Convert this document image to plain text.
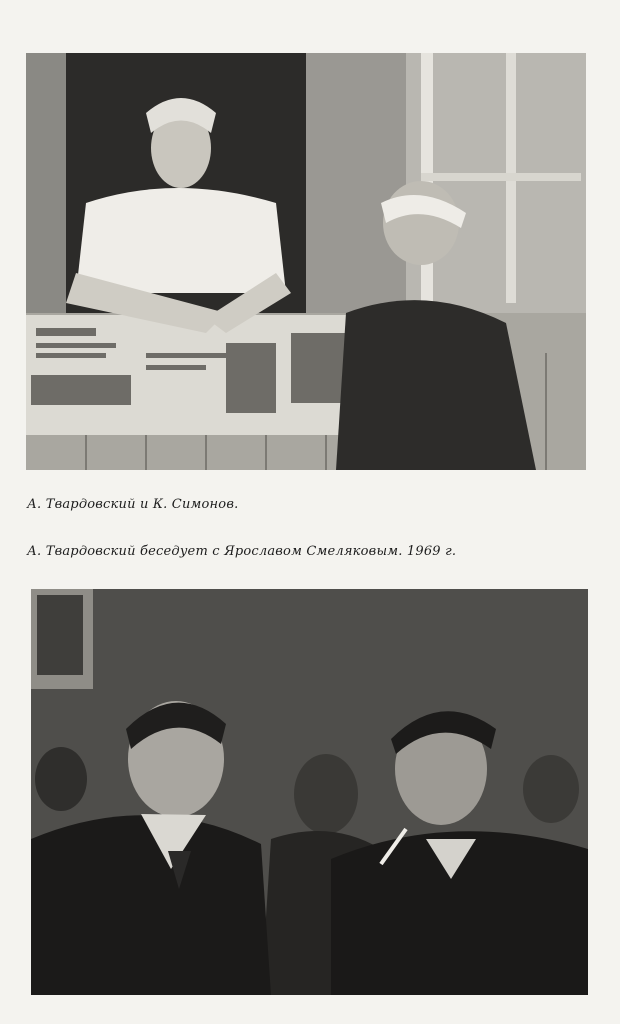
А. Твардовский и К. Симонов.
А. Твардовский беседует с Ярославом Смеляковым. 1969 г.
